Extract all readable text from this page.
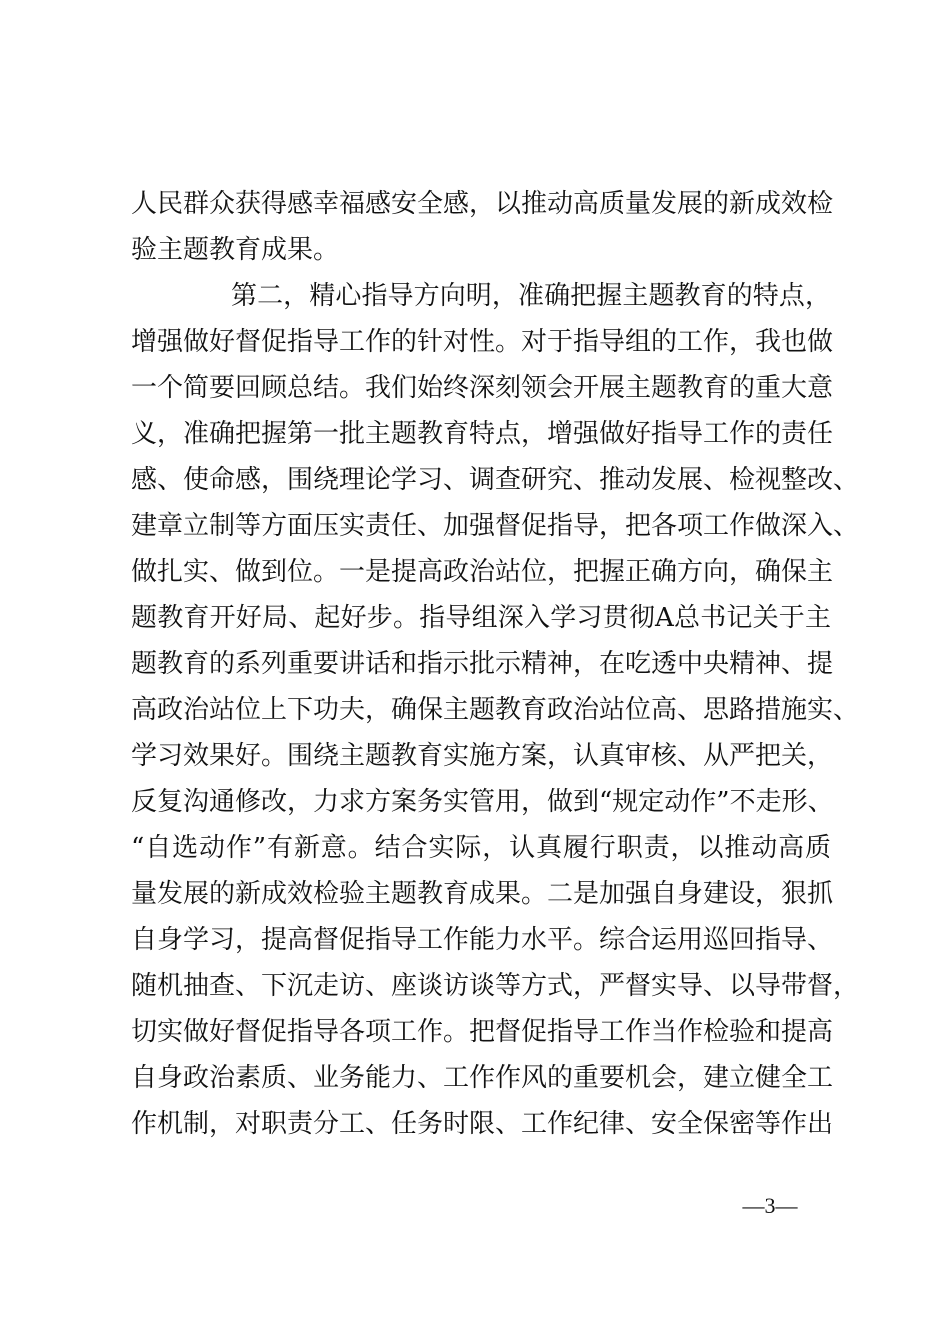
人民群众获得感幸福感安全感，以推动高质量发展的新成效检
验主题教育成果。
第二，精心指导方向明，准确把握主题教育的特点，
增强做好督促指导工作的针对性。对于指导组的工作，我也做
一个简要回顾总结。我们始终深刻领会开展主题教育的重大意
义，准确把握第一批主题教育特点，增强做好指导工作的责任
感、使命感，围绕理论学习、调查研究、推动发展、检视整改、
建章立制等方面压实责任、加强督促指导，把各项工作做深入、
做扎实、做到位。一是提高政治站位，把握正确方向，确保主
题教育开好局、起好步。指导组深入学习贯彻A总书记关于主
题教育的系列重要讲话和指示批示精神，在吃透中央精神、提
高政治站位上下功夫，确保主题教育政治站位高、思路措施实、
学习效果好。围绕主题教育实施方案，认真审核、从严把关，
反复沟通修改，力求方案务实管用，做到“规定动作”不走形、
“自选动作”有新意。结合实际，认真履行职责，以推动高质
量发展的新成效检验主题教育成果。二是加强自身建设，狠抓
自身学习，提高督促指导工作能力水平。综合运用巡回指导、
随机抽查、下沉走访、座谈访谈等方式，严督实导、以导带督，
切实做好督促指导各项工作。把督促指导工作当作检验和提高
自身政治素质、业务能力、工作作风的重要机会，建立健全工
作机制，对职责分工、任务时限、工作纪律、安全保密等作出
—3—
